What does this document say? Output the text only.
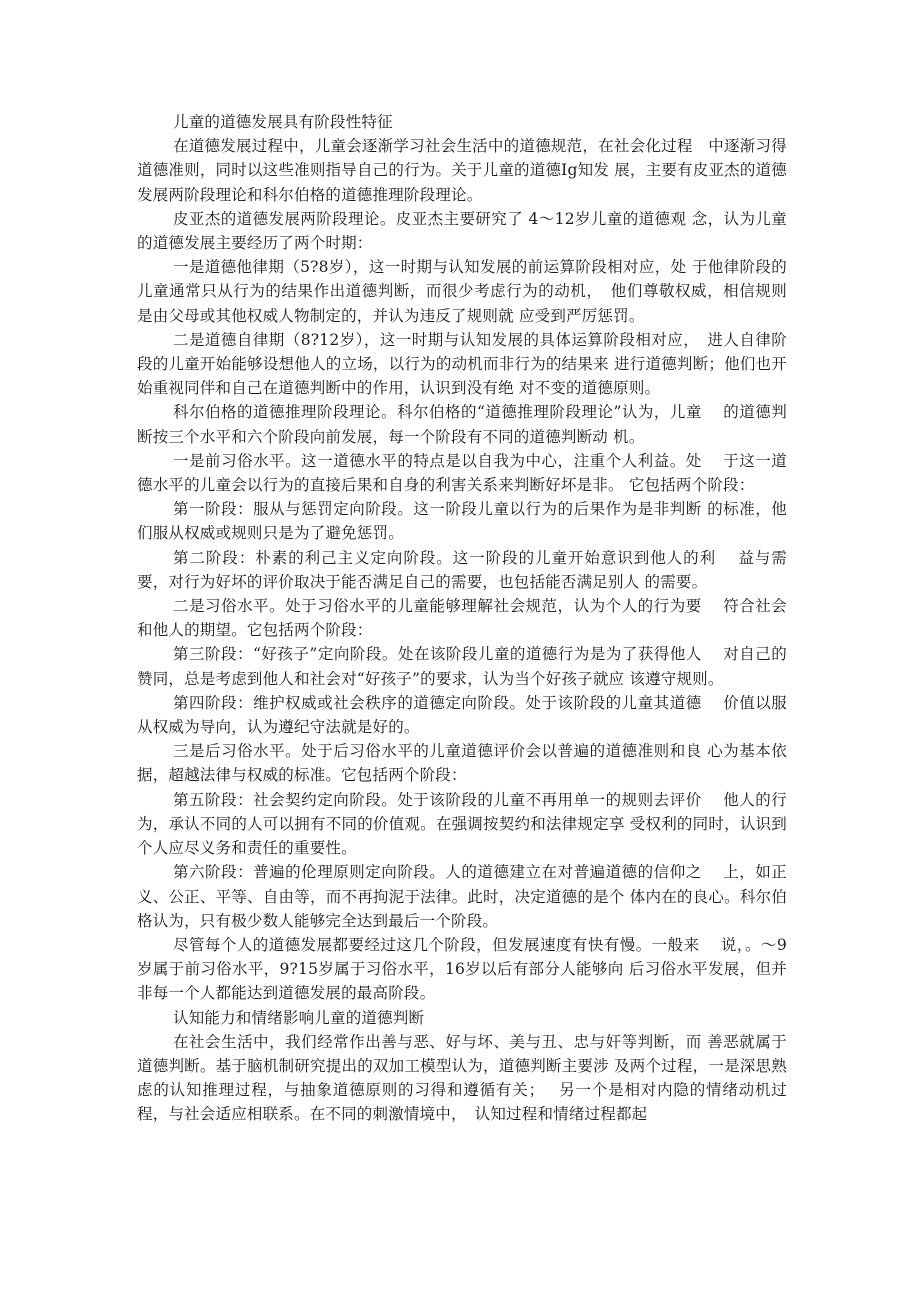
儿童的道德发展具有阶段性特征

在道德发展过程中，儿童会逐渐学习社会生活中的道德规范，在社会化过程　中逐渐习得道德准则，同时以这些准则指导自己的行为。关于儿童的道德Ig知发 展，主要有皮亚杰的道德发展两阶段理论和科尔伯格的道德推理阶段理论。

皮亚杰的道德发展两阶段理论。皮亚杰主要研究了 4～12岁儿童的道德观 念，认为儿童的道德发展主要经历了两个时期：

一是道德他律期（5?8岁），这一时期与认知发展的前运算阶段相对应，处 于他律阶段的儿童通常只从行为的结果作出道德判断，而很少考虑行为的动机，　他们尊敬权威，相信规则是由父母或其他权威人物制定的，并认为违反了规则就 应受到严厉惩罚。

二是道德自律期（8?12岁），这一时期与认知发展的具体运算阶段相对应，　进人自律阶段的儿童开始能够设想他人的立场，以行为的动机而非行为的结果来 进行道德判断；他们也开始重视同伴和自己在道德判断中的作用，认识到没有绝 对不变的道德原则。

科尔伯格的道德推理阶段理论。科尔伯格的“道德推理阶段理论”认为，儿童　 的道德判断按三个水平和六个阶段向前发展，每一个阶段有不同的道德判断动 机。

一是前习俗水平。这一道德水平的特点是以自我为中心，注重个人利益。处　 于这一道德水平的儿童会以行为的直接后果和自身的利害关系来判断好坏是非。 它包括两个阶段：

第一阶段：服从与惩罚定向阶段。这一阶段儿童以行为的后果作为是非判断 的标准，他们服从权威或规则只是为了避免惩罚。

第二阶段：朴素的利己主义定向阶段。这一阶段的儿童开始意识到他人的利　 益与需要，对行为好坏的评价取决于能否满足自己的需要，也包括能否满足别人 的需要。

二是习俗水平。处于习俗水平的儿童能够理解社会规范，认为个人的行为要　 符合社会和他人的期望。它包括两个阶段：

第三阶段：“好孩子”定向阶段。处在该阶段儿童的道德行为是为了获得他人　 对自己的赞同，总是考虑到他人和社会对“好孩子”的要求，认为当个好孩子就应 该遵守规则。

第四阶段：维护权威或社会秩序的道德定向阶段。处于该阶段的儿童其道德　 价值以服从权威为导向，认为遵纪守法就是好的。

三是后习俗水平。处于后习俗水平的儿童道德评价会以普遍的道德准则和良 心为基本依据，超越法律与权威的标准。它包括两个阶段：

第五阶段：社会契约定向阶段。处于该阶段的儿童不再用单一的规则去评价　 他人的行为，承认不同的人可以拥有不同的价值观。在强调按契约和法律规定享 受权利的同时，认识到个人应尽义务和责任的重要性。

第六阶段：普遍的伦理原则定向阶段。人的道德建立在对普遍道德的信仰之　 上，如正义、公正、平等、自由等，而不再拘泥于法律。此时，决定道德的是个 体内在的良心。科尔伯格认为，只有极少数人能够完全达到最后一个阶段。

尽管每个人的道德发展都要经过这几个阶段，但发展速度有快有慢。一般来　 说，。～9岁属于前习俗水平，9?15岁属于习俗水平，16岁以后有部分人能够向 后习俗水平发展，但并非每一个人都能达到道德发展的最高阶段。

认知能力和情绪影响儿童的道德判断

在社会生活中，我们经常作出善与恶、好与坏、美与丑、忠与奸等判断，而 善恶就属于道德判断。基于脑机制研究提出的双加工模型认为，道德判断主要涉 及两个过程，一是深思熟虑的认知推理过程，与抽象道德原则的习得和遵循有关；　 另一个是相对内隐的情绪动机过程，与社会适应相联系。在不同的刺激情境中，　认知过程和情绪过程都起
